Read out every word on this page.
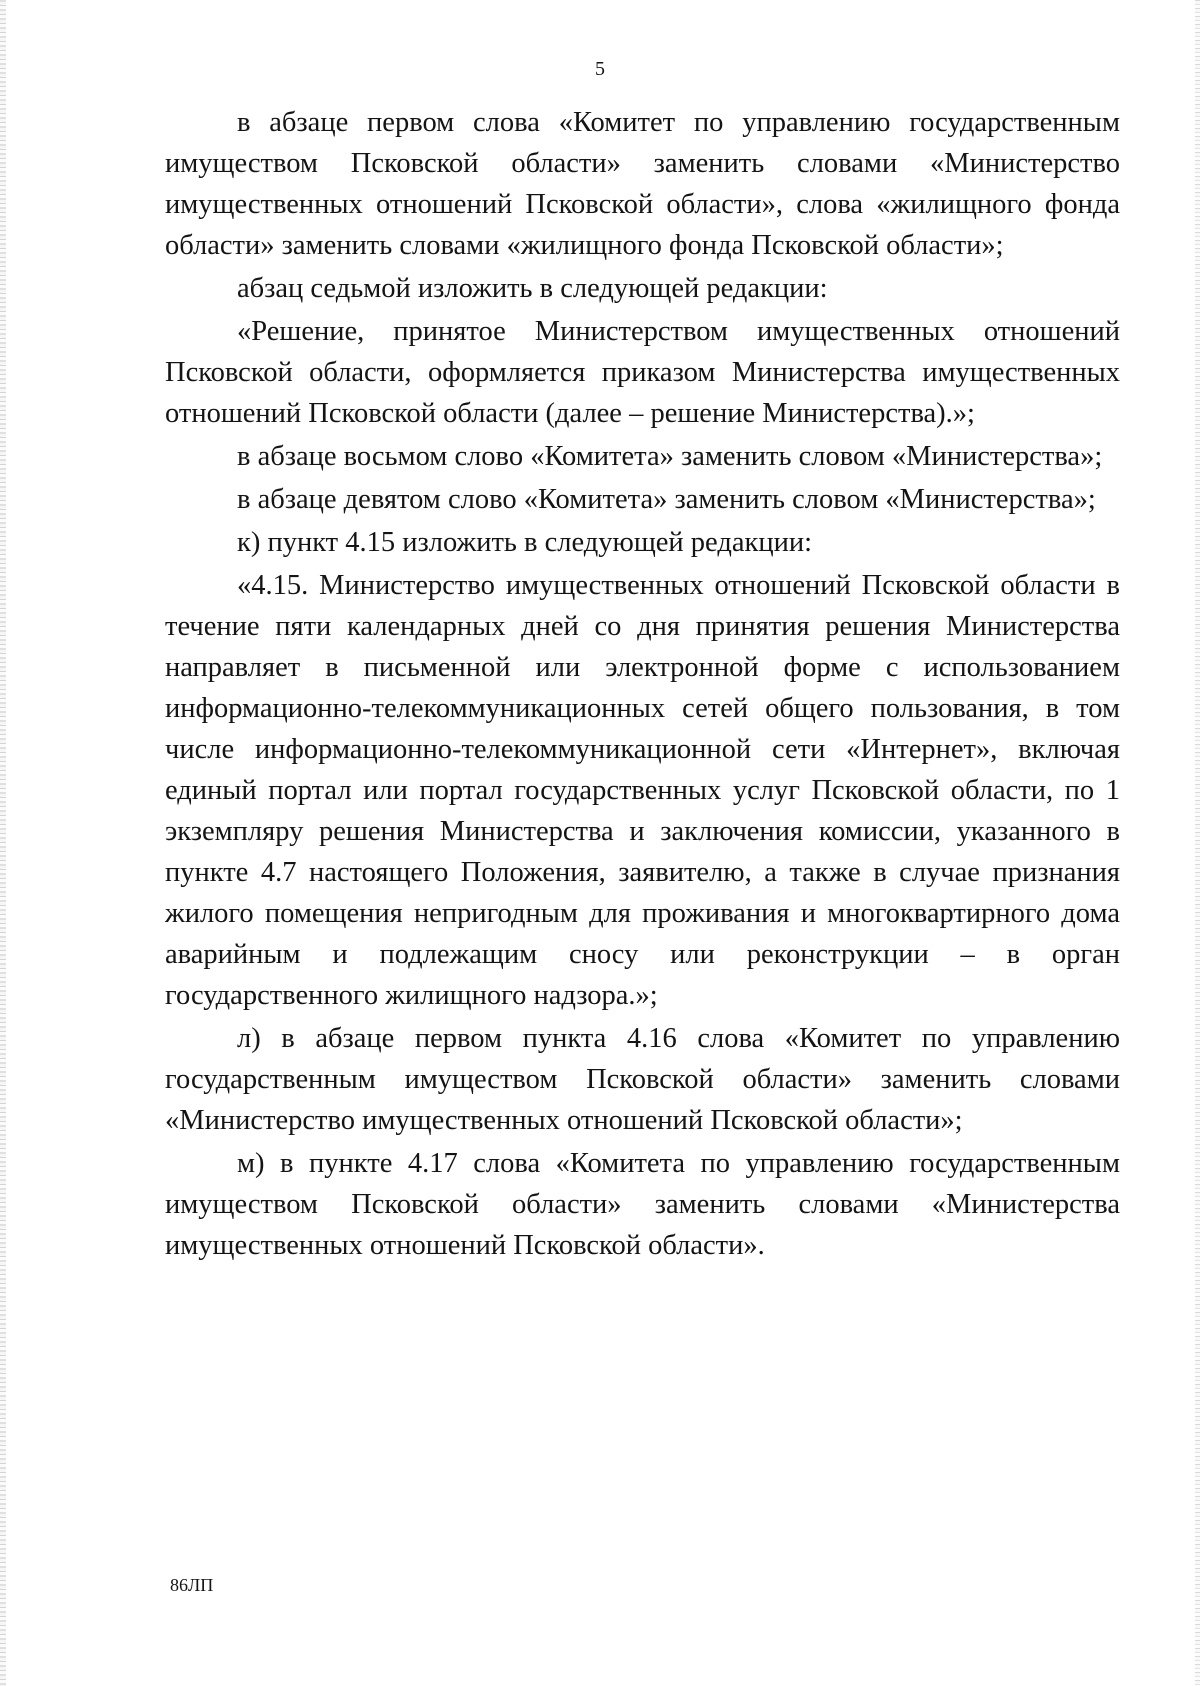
5

в абзаце первом слова «Комитет по управлению государственным имуществом Псковской области» заменить словами «Министерство имущественных отношений Псковской области», слова «жилищного фонда области» заменить словами «жилищного фонда Псковской области»;

абзац седьмой изложить в следующей редакции:

«Решение, принятое Министерством имущественных отношений Псковской области, оформляется приказом Министерства имущественных отношений Псковской области (далее – решение Министерства).»;

в абзаце восьмом слово «Комитета» заменить словом «Министерства»;

в абзаце девятом слово «Комитета» заменить словом «Министерства»;

к) пункт 4.15 изложить в следующей редакции:

«4.15. Министерство имущественных отношений Псковской области в течение пяти календарных дней со дня принятия решения Министерства направляет в письменной или электронной форме с использованием информационно-телекоммуникационных сетей общего пользования, в том числе информационно-телекоммуникационной сети «Интернет», включая единый портал или портал государственных услуг Псковской области, по 1 экземпляру решения Министерства и заключения комиссии, указанного в пункте 4.7 настоящего Положения, заявителю, а также в случае признания жилого помещения непригодным для проживания и многоквартирного дома аварийным и подлежащим сносу или реконструкции – в орган государственного жилищного надзора.»;

л) в абзаце первом пункта 4.16 слова «Комитет по управлению государственным имуществом Псковской области» заменить словами «Министерство имущественных отношений Псковской области»;

м) в пункте 4.17 слова «Комитета по управлению государственным имуществом Псковской области» заменить словами «Министерства имущественных отношений Псковской области».

86ЛП
